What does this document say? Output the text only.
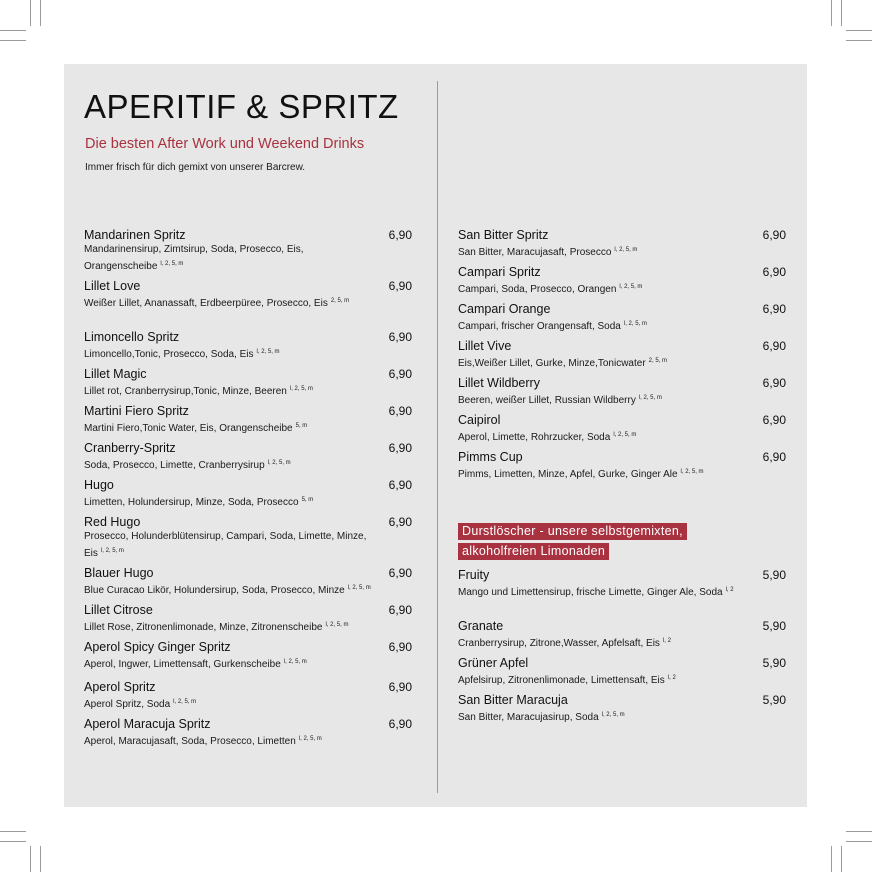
APERITIF & SPRITZ
Die besten After Work und Weekend Drinks
Immer frisch für dich gemixt von unserer Barcrew.
Mandarinen Spritz	6,90
Mandarinensirup, Zimtsirup, Soda, Prosecco, Eis, Orangenscheibe $^{l, 2, 5, m}$
Lillet Love	6,90
Weißer Lillet, Ananassaft, Erdbeerpüree, Prosecco, Eis $^{2, 5, m}$
Limoncello Spritz	6,90
Limoncello,Tonic, Prosecco, Soda, Eis $^{l, 2, 5, m}$
Lillet Magic	6,90
Lillet rot, Cranberrysirup,Tonic, Minze, Beeren $^{l, 2, 5, m}$
Martini Fiero Spritz	6,90
Martini Fiero,Tonic Water, Eis, Orangenscheibe $^{5, m}$
Cranberry-Spritz	6,90
Soda, Prosecco, Limette, Cranberrysirup $^{l, 2, 5, m}$
Hugo	6,90
Limetten, Holundersirup, Minze, Soda, Prosecco $^{5, m}$
Red Hugo	6,90
Prosecco, Holunderblütensirup, Campari, Soda, Limette, Minze, Eis $^{l, 2, 5, m}$
Blauer Hugo	6,90
Blue Curacao Likör, Holundersirup, Soda, Prosecco, Minze $^{l, 2, 5, m}$
Lillet Citrose	6,90
Lillet Rose, Zitronenlimonade, Minze, Zitronenscheibe $^{l, 2, 5, m}$
Aperol Spicy Ginger Spritz	6,90
Aperol, Ingwer, Limettensaft, Gurkenscheibe $^{l, 2, 5, m}$
Aperol Spritz	6,90
Aperol Spritz, Soda $^{l, 2, 5, m}$
Aperol Maracuja Spritz	6,90
Aperol, Maracujasaft, Soda, Prosecco, Limetten $^{l, 2, 5, m}$
San Bitter Spritz	6,90
San Bitter, Maracujasaft, Prosecco $^{l, 2, 5, m}$
Campari Spritz	6,90
Campari, Soda, Prosecco, Orangen $^{l, 2, 5, m}$
Campari Orange	6,90
Campari, frischer Orangensaft, Soda $^{l, 2, 5, m}$
Lillet Vive	6,90
Eis,Weißer Lillet, Gurke, Minze,Tonicwater $^{2, 5, m}$
Lillet Wildberry	6,90
Beeren, weißer Lillet, Russian Wildberry $^{l, 2, 5, m}$
Caipirol	6,90
Aperol, Limette, Rohrzucker, Soda $^{l, 2, 5, m}$
Pimms Cup	6,90
Pimms, Limetten, Minze, Apfel, Gurke, Ginger Ale $^{l, 2, 5, m}$
Durstlöscher - unsere selbstgemixten,
alkoholfreien Limonaden
Fruity	5,90
Mango und Limettensirup, frische Limette, Ginger Ale, Soda $^{l, 2}$
Granate	5,90
Cranberrysirup, Zitrone,Wasser, Apfelsaft, Eis $^{l, 2}$
Grüner Apfel	5,90
Apfelsirup, Zitronenlimonade, Limettensaft, Eis $^{l, 2}$
San Bitter Maracuja	5,90
San Bitter, Maracujasirup, Soda $^{l, 2, 5, m}$
